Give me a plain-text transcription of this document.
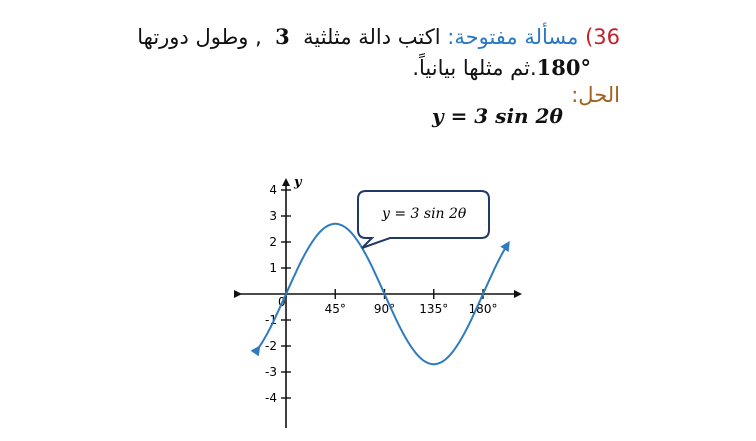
36) مسألة مفتوحة: اكتب دالة مثلثية  3  , وطول دورتها
180°.ثم مثلها بيانياً.
الحل:
y = 3 sin 2θ
y
4
3
2
1
-1
-2
-3
-4
45° 90° 135° 180°
0
y = 3 sin 2θ
